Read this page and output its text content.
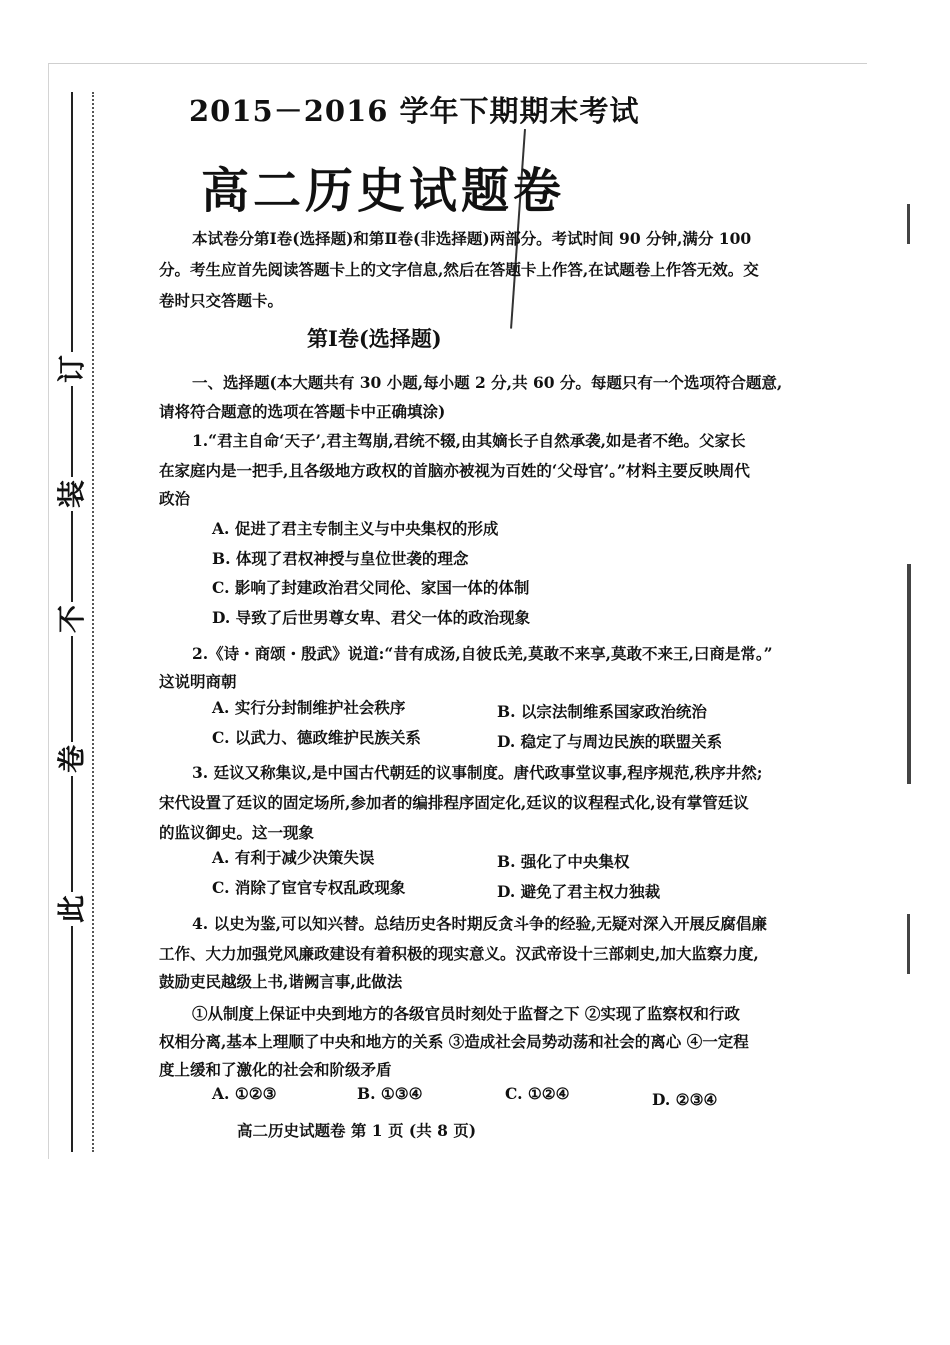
此
卷
不
装
订
2015－2016 学年下期期末考试
高二历史试题卷
本试卷分第Ⅰ卷(选择题)和第Ⅱ卷(非选择题)两部分。考试时间 90 分钟,满分 100
分。考生应首先阅读答题卡上的文字信息,然后在答题卡上作答,在试题卷上作答无效。交
卷时只交答题卡。
第Ⅰ卷(选择题)
一、选择题(本大题共有 30 小题,每小题 2 分,共 60 分。每题只有一个选项符合题意,
请将符合题意的选项在答题卡中正确填涂)
1.“君主自命‘天子’,君主驾崩,君统不辍,由其嫡长子自然承袭,如是者不绝。父家长
在家庭内是一把手,且各级地方政权的首脑亦被视为百姓的‘父母官’。”材料主要反映周代
政治
A. 促进了君主专制主义与中央集权的形成
B. 体现了君权神授与皇位世袭的理念
C. 影响了封建政治君父同伦、家国一体的体制
D. 导致了后世男尊女卑、君父一体的政治现象
2.《诗・商颂・殷武》说道:“昔有成汤,自彼氐羌,莫敢不来享,莫敢不来王,曰商是常。”
这说明商朝
A. 实行分封制维护社会秩序	B. 以宗法制维系国家政治统治
C. 以武力、德政维护民族关系	D. 稳定了与周边民族的联盟关系
3. 廷议又称集议,是中国古代朝廷的议事制度。唐代政事堂议事,程序规范,秩序井然;
宋代设置了廷议的固定场所,参加者的编排程序固定化,廷议的议程程式化,设有掌管廷议
的监议御史。这一现象
A. 有利于减少决策失误	B. 强化了中央集权
C. 消除了宦官专权乱政现象	D. 避免了君主权力独裁
4. 以史为鉴,可以知兴替。总结历史各时期反贪斗争的经验,无疑对深入开展反腐倡廉
工作、大力加强党风廉政建设有着积极的现实意义。汉武帝设十三部刺史,加大监察力度,
鼓励吏民越级上书,谐阙言事,此做法
①从制度上保证中央到地方的各级官员时刻处于监督之下 ②实现了监察权和行政
权相分离,基本上理顺了中央和地方的关系 ③造成社会局势动荡和社会的离心 ④一定程
度上缓和了激化的社会和阶级矛盾
A. ①②③	B. ①③④	C. ①②④	D. ②③④
高二历史试题卷 第 1 页 (共 8 页)
